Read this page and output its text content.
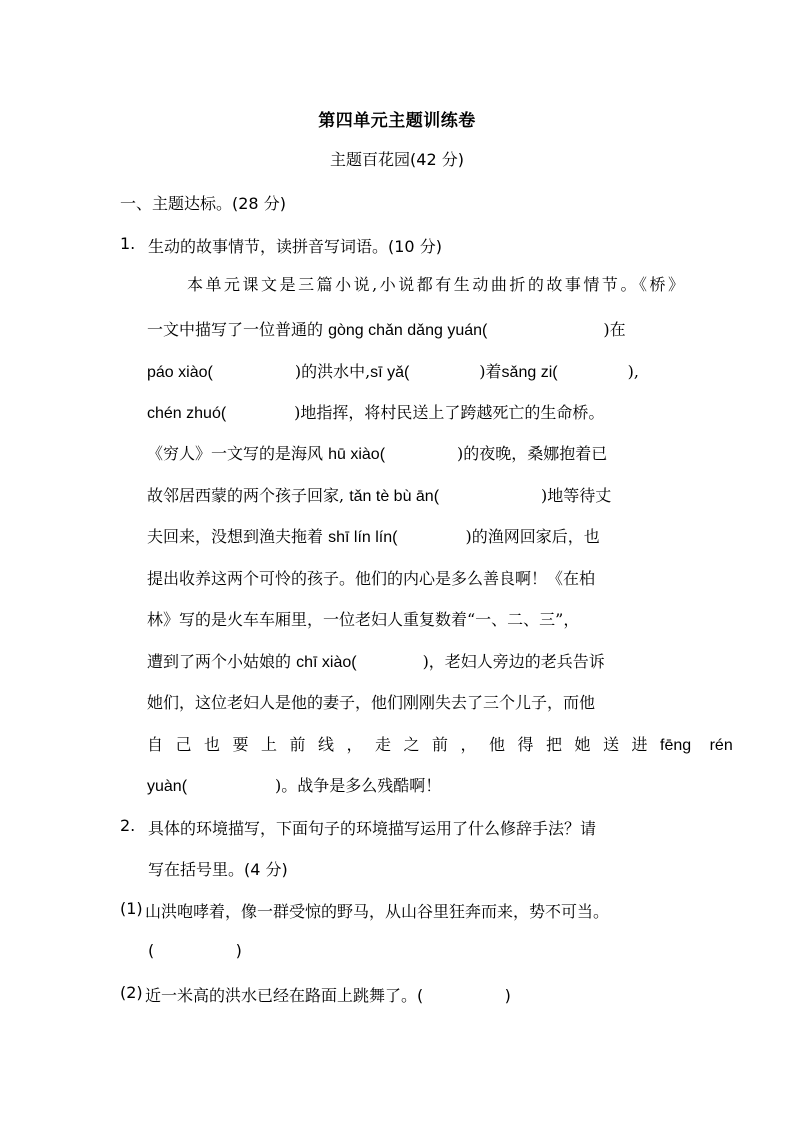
第四单元主题训练卷
主题百花园(42 分)
一、主题达标。(28 分)
1. 生动的故事情节，读拼音写词语。(10 分)
本单元课文是三篇小说,小说都有生动曲折的故事情节。《桥》
一文中描写了一位普通的 gòng chǎn dǎng yuán(	)在
páo xiào(	)的洪水中,sī yǎ(	)着sǎng zi(	),
chén zhuó(	)地指挥，将村民送上了跨越死亡的生命桥。
《穷人》一文写的是海风 hū xiào(	)的夜晚，桑娜抱着已
故邻居西蒙的两个孩子回家, tǎn tè bù ān(	)地等待丈
夫回来，没想到渔夫拖着 shī lín lín(	)的渔网回家后，也
提出收养这两个可怜的孩子。他们的内心是多么善良啊！《在柏
林》写的是火车车厢里，一位老妇人重复数着“一、二、三”，
遭到了两个小姑娘的 chī xiào(	)，老妇人旁边的老兵告诉
她们，这位老妇人是他的妻子，他们刚刚失去了三个儿子，而他
自己也要上前线，走之前，他得把她送进fēng rén
yuàn(	)。战争是多么残酷啊！
2. 具体的环境描写，下面句子的环境描写运用了什么修辞手法？请
写在括号里。(4 分)
(1) 山洪咆哮着，像一群受惊的野马，从山谷里狂奔而来，势不可当。
(                )
(2) 近一米高的洪水已经在路面上跳舞了。(                )
